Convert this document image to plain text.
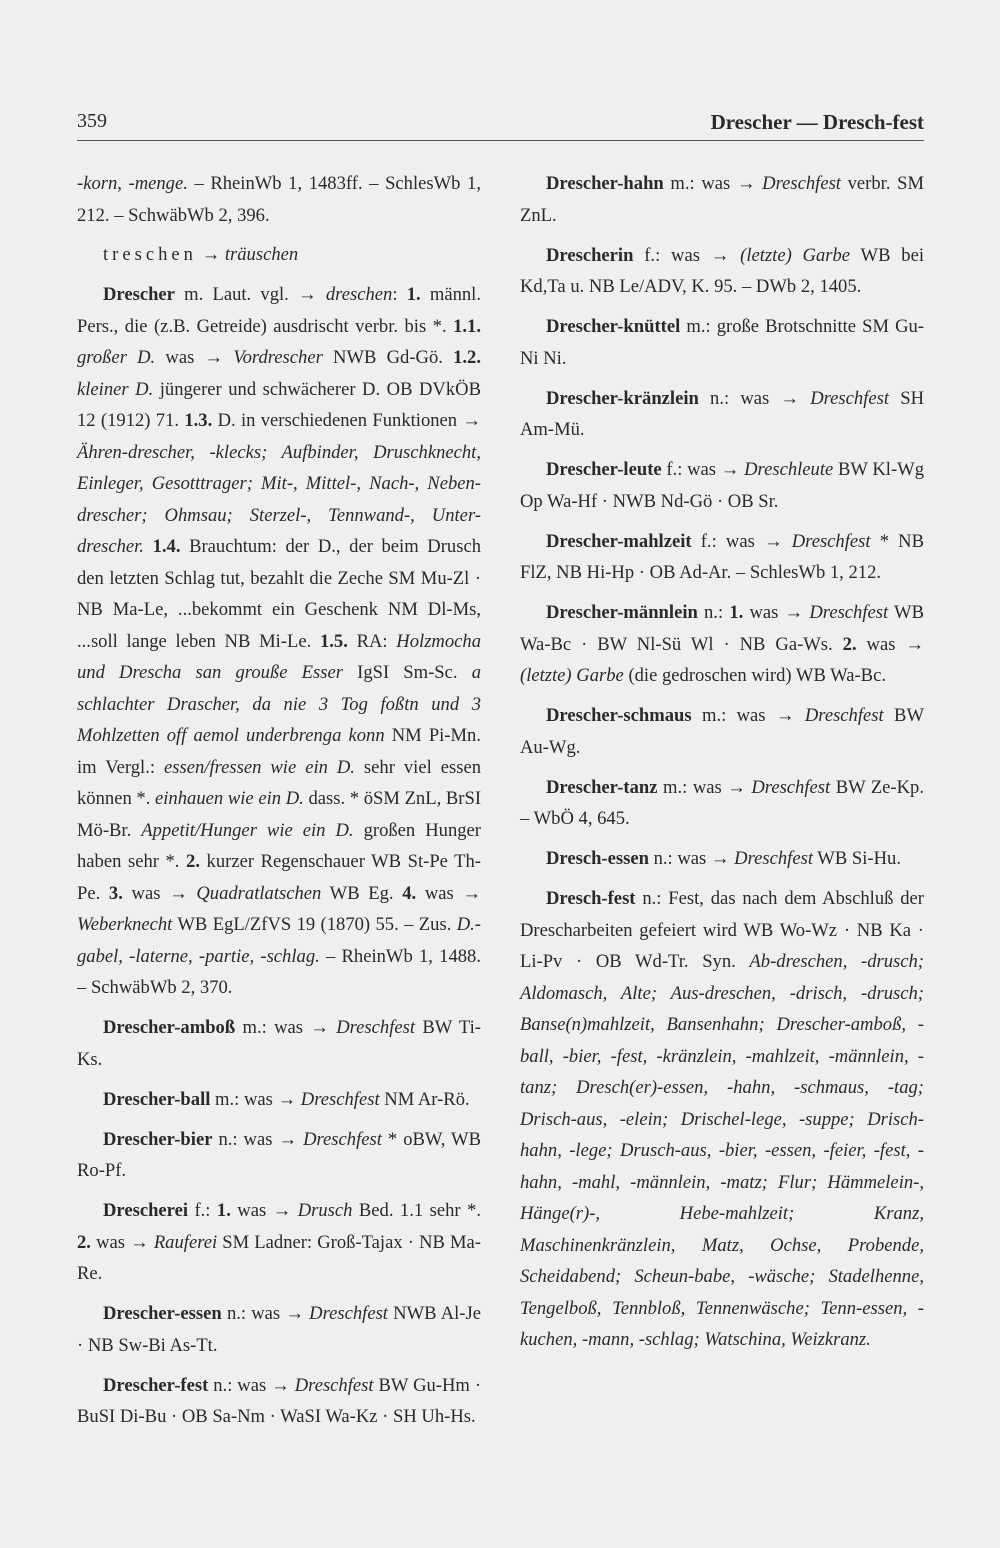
359	Drescher — Dresch-fest

-korn, -menge. – RheinWb 1, 1483ff. – SchlesWb 1, 212. – SchwäbWb 2, 396.

treschen → träuschen

Drescher m. Laut. vgl. → dreschen: 1. männl. Pers., die (z.B. Getreide) ausdrischt verbr. bis *. 1.1. großer D. was → Vordrescher NWB Gd-Gö. 1.2. kleiner D. jüngerer und schwächerer D. OB DVkÖB 12 (1912) 71. 1.3. D. in verschiedenen Funktionen → Ähren-drescher, -klecks; Aufbinder, Druschknecht, Einleger, Gesotttrager; Mit-, Mittel-, Nach-, Neben-drescher; Ohmsau; Sterzel-, Tennwand-, Unter-drescher. 1.4. Brauchtum: der D., der beim Drusch den letzten Schlag tut, bezahlt die Zeche SM Mu-Zl · NB Ma-Le, ...bekommt ein Geschenk NM Dl-Ms, ...soll lange leben NB Mi-Le. 1.5. RA: Holzmocha und Drescha san grouße Esser IgSI Sm-Sc. a schlachter Drascher, da nie 3 Tog foßtn und 3 Mohlzetten off aemol underbrenga konn NM Pi-Mn. im Vergl.: essen/fressen wie ein D. sehr viel essen können *. einhauen wie ein D. dass. * öSM ZnL, BrSI Mö-Br. Appetit/Hunger wie ein D. großen Hunger haben sehr *. 2. kurzer Regenschauer WB St-Pe Th-Pe. 3. was → Quadratlatschen WB Eg. 4. was → Weberknecht WB EgL/ZfVS 19 (1870) 55. – Zus. D.-gabel, -laterne, -partie, -schlag. – RheinWb 1, 1488. – SchwäbWb 2, 370.

Drescher-amboß m.: was → Dreschfest BW Ti-Ks.

Drescher-ball m.: was → Dreschfest NM Ar-Rö.

Drescher-bier n.: was → Dreschfest * oBW, WB Ro-Pf.

Drescherei f.: 1. was → Drusch Bed. 1.1 sehr *. 2. was → Rauferei SM Ladner: Groß-Tajax · NB Ma-Re.

Drescher-essen n.: was → Dreschfest NWB Al-Je · NB Sw-Bi As-Tt.

Drescher-fest n.: was → Dreschfest BW Gu-Hm · BuSI Di-Bu · OB Sa-Nm · WaSI Wa-Kz · SH Uh-Hs.

Drescher-hahn m.: was → Dreschfest verbr. SM ZnL.

Drescherin f.: was → (letzte) Garbe WB bei Kd,Ta u. NB Le/ADV, K. 95. – DWb 2, 1405.

Drescher-knüttel m.: große Brotschnitte SM Gu-Ni Ni.

Drescher-kränzlein n.: was → Dreschfest SH Am-Mü.

Drescher-leute f.: was → Dreschleute BW Kl-Wg Op Wa-Hf · NWB Nd-Gö · OB Sr.

Drescher-mahlzeit f.: was → Dreschfest * NB FlZ, NB Hi-Hp · OB Ad-Ar. – SchlesWb 1, 212.

Drescher-männlein n.: 1. was → Dreschfest WB Wa-Bc · BW Nl-Sü Wl · NB Ga-Ws. 2. was → (letzte) Garbe (die gedroschen wird) WB Wa-Bc.

Drescher-schmaus m.: was → Dreschfest BW Au-Wg.

Drescher-tanz m.: was → Dreschfest BW Ze-Kp. – WbÖ 4, 645.

Dresch-essen n.: was → Dreschfest WB Si-Hu.

Dresch-fest n.: Fest, das nach dem Abschluß der Drescharbeiten gefeiert wird WB Wo-Wz · NB Ka · Li-Pv · OB Wd-Tr. Syn. Ab-dreschen, -drusch; Aldomasch, Alte; Aus-dreschen, -drisch, -drusch; Banse(n)mahlzeit, Bansenhahn; Drescher-amboß, -ball, -bier, -fest, -kränzlein, -mahlzeit, -männlein, -tanz; Dresch(er)-essen, -hahn, -schmaus, -tag; Drisch-aus, -elein; Drischel-lege, -suppe; Drisch-hahn, -lege; Drusch-aus, -bier, -essen, -feier, -fest, -hahn, -mahl, -männlein, -matz; Flur; Hämmelein-, Hänge(r)-, Hebe-mahlzeit; Kranz, Maschinenkränzlein, Matz, Ochse, Probende, Scheidabend; Scheun-babe, -wäsche; Stadelhenne, Tengelboß, Tennbloß, Tennenwäsche; Tenn-essen, -kuchen, -mann, -schlag; Watschina, Weizkranz.
